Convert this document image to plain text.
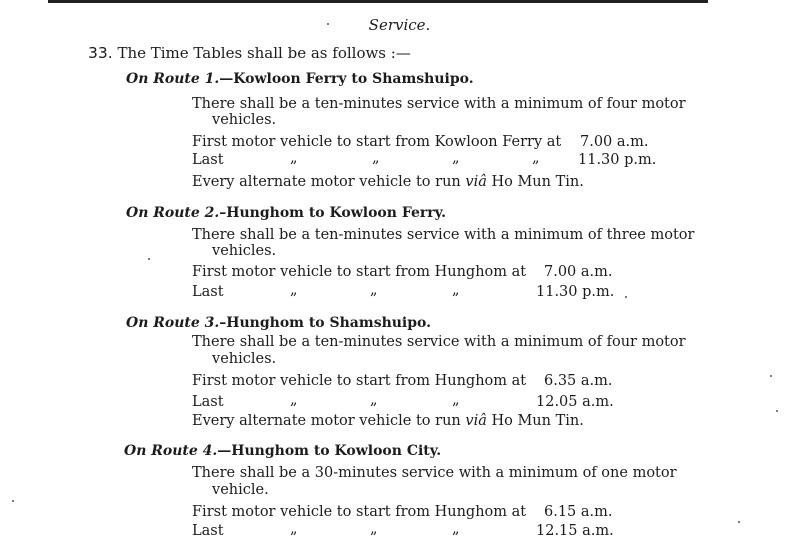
Service.
33. The Time Tables shall be as follows :—
On Route 1.—Kowloon Ferry to Shamshuipo.
There shall be a ten-minutes service with a minimum of four motor
vehicles.
First motor vehicle to start from Kowloon Ferry at 7.00 a.m.
Last	„	„	„	„	11.30 p.m.
Every alternate motor vehicle to run viâ Ho Mun Tin.
On Route 2.–Hunghom to Kowloon Ferry.
There shall be a ten-minutes service with a minimum of three motor
vehicles.
First motor vehicle to start from Hunghom at 7.00 a.m.
Last	„	„	„	11.30 p.m.
On Route 3.–Hunghom to Shamshuipo.
There shall be a ten-minutes service with a minimum of four motor
vehicles.
First motor vehicle to start from Hunghom at 6.35 a.m.
Last	„	„	„	12.05 a.m.
Every alternate motor vehicle to run viâ Ho Mun Tin.
On Route 4.—Hunghom to Kowloon City.
There shall be a 30-minutes service with a minimum of one motor
vehicle.
First motor vehicle to start from Hunghom at 6.15 a.m.
Last	„	„	„	12.15 a.m.
